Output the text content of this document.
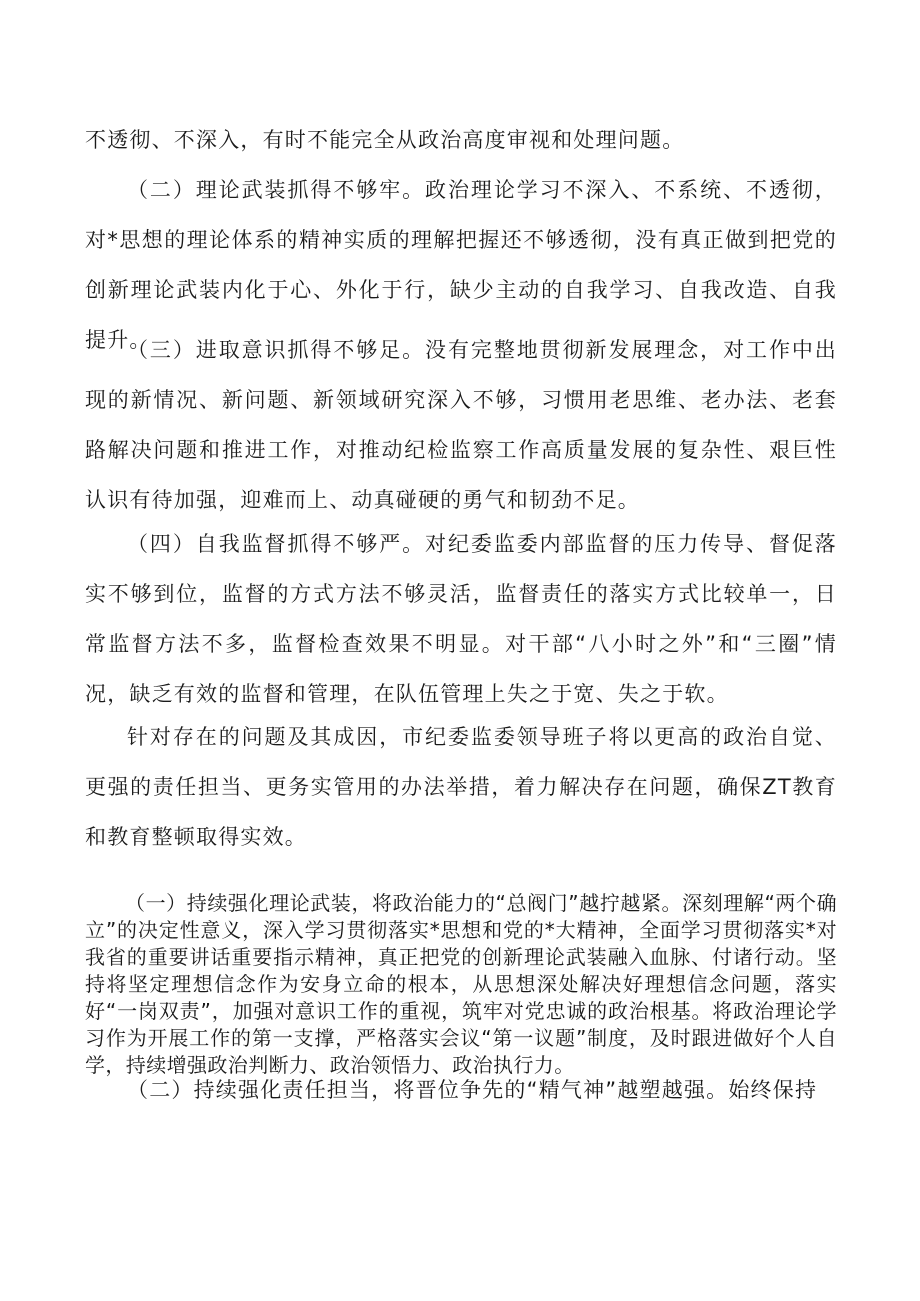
不透彻、不深入，有时不能完全从政治高度审视和处理问题。

（二）理论武装抓得不够牢。政治理论学习不深入、不系统、不透彻，对*思想的理论体系的精神实质的理解把握还不够透彻，没有真正做到把党的创新理论武装内化于心、外化于行，缺少主动的自我学习、自我改造、自我提升。

（三）进取意识抓得不够足。没有完整地贯彻新发展理念，对工作中出现的新情况、新问题、新领域研究深入不够，习惯用老思维、老办法、老套路解决问题和推进工作，对推动纪检监察工作高质量发展的复杂性、艰巨性认识有待加强，迎难而上、动真碰硬的勇气和韧劲不足。

（四）自我监督抓得不够严。对纪委监委内部监督的压力传导、督促落实不够到位，监督的方式方法不够灵活，监督责任的落实方式比较单一，日常监督方法不多，监督检查效果不明显。对干部“八小时之外”和“三圈”情况，缺乏有效的监督和管理，在队伍管理上失之于宽、失之于软。

针对存在的问题及其成因，市纪委监委领导班子将以更高的政治自觉、更强的责任担当、更务实管用的办法举措，着力解决存在问题，确保ZT教育和教育整顿取得实效。

（一）持续强化理论武装，将政治能力的“总阀门”越拧越紧。深刻理解“两个确立”的决定性意义，深入学习贯彻落实*思想和党的*大精神，全面学习贯彻落实*对我省的重要讲话重要指示精神，真正把党的创新理论武装融入血脉、付诸行动。坚持将坚定理想信念作为安身立命的根本，从思想深处解决好理想信念问题，落实好“一岗双责”，加强对意识工作的重视，筑牢对党忠诚的政治根基。将政治理论学习作为开展工作的第一支撑，严格落实会议“第一议题”制度，及时跟进做好个人自学，持续增强政治判断力、政治领悟力、政治执行力。

（二）持续强化责任担当，将晋位争先的“精气神”越塑越强。始终保持
